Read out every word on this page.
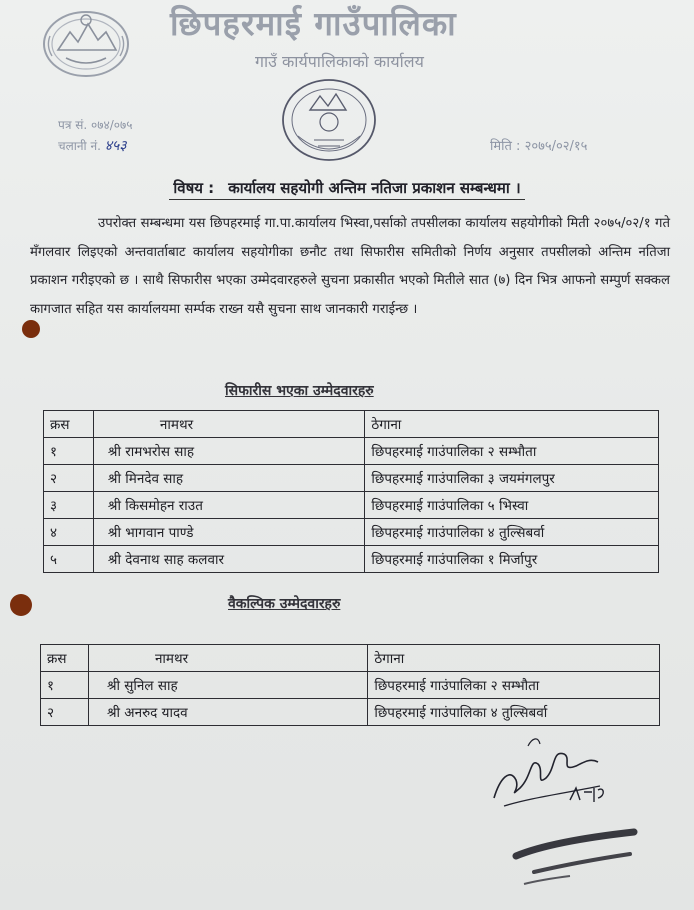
छिपहरमाई गाउँपालिका
गाउँ कार्यपालिकाको कार्यालय
पत्र सं. ०७४/०७५
चलानी नं. ४५३	मिति : २०७५/०२/१५
विषय : कार्यालय सहयोगी अन्तिम नतिजा प्रकाशन सम्बन्धमा ।
उपरोक्त सम्बन्धमा यस छिपहरमाई गा.पा.कार्यालय भिस्वा,पर्साको तपसीलका कार्यालय सहयोगीको मिती २०७५/०२/१ गते मँगलवार लिइएको अन्तवार्ताबाट कार्यालय सहयोगीका छनौट तथा सिफारीस समितीको निर्णय अनुसार तपसीलको अन्तिम नतिजा प्रकाशन गरीइएको छ । साथै सिफारीस भएका उम्मेदवारहरुले सुचना प्रकासीत भएको मितीले सात (७) दिन भित्र आफनो सम्पुर्ण सक्कल कागजात सहित यस कार्यालयमा सर्म्पक राख्न यसै सुचना साथ जानकारी गराईन्छ ।
सिफारीस भएका उम्मेदवारहरु
क्रस	नामथर	ठेगाना
१	श्री रामभरोस साह	छिपहरमाई गाउंपालिका २ सम्भौता
२	श्री मिनदेव साह	छिपहरमाई गाउंपालिका ३ जयमंगलपुर
३	श्री किसमोहन राउत	छिपहरमाई गाउंपालिका ५ भिस्वा
४	श्री भागवान पाण्डे	छिपहरमाई गाउंपालिका ४ तुल्सिबर्वा
५	श्री देवनाथ साह कलवार	छिपहरमाई गाउंपालिका १ मिर्जापुर
वैकल्पिक उम्मेदवारहरु
क्रस	नामथर	ठेगाना
१	श्री सुनिल साह	छिपहरमाई गाउंपालिका २ सम्भौता
२	श्री अनरुद यादव	छिपहरमाई गाउंपालिका ४ तुल्सिबर्वा
